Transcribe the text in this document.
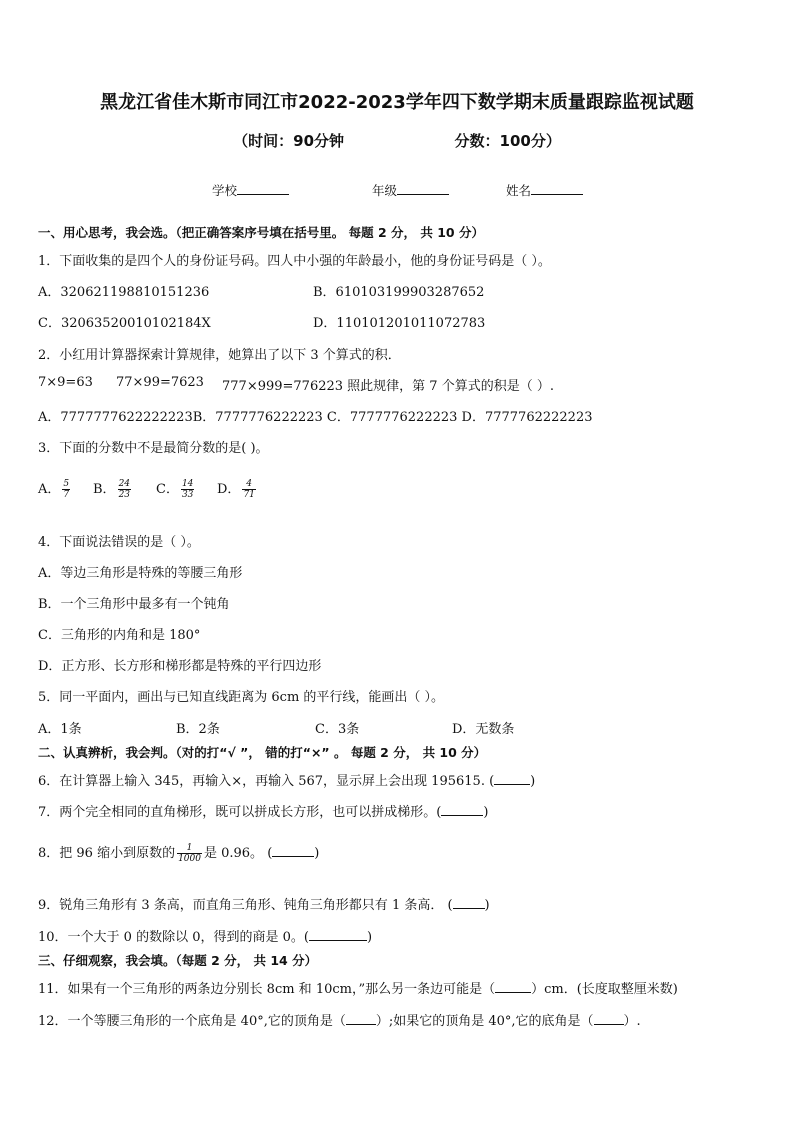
黑龙江省佳木斯市同江市2022-2023学年四下数学期末质量跟踪监视试题
（时间：90分钟	分数：100分）
学校	年级	姓名
一、用心思考，我会选。（把正确答案序号填在括号里。 每题 2 分， 共 10 分）
1．下面收集的是四个人的身份证号码。四人中小强的年龄最小，他的身份证号码是（ ）。
A．320621198810151236	B．610103199903287652
C．32063520010102184X	D．110101201011072783
2．小红用计算器探索计算规律，她算出了以下 3 个算式的积．
7×9=63 77×99=7623 777×999=776223 照此规律，第 7 个算式的积是（ ）.
A．7777777622222223B．7777776222223 C．7777776222223 D．7777762222223
3．下面的分数中不是最简分数的是( )。
A． $\frac{5}{7}$ B． $\frac{24}{23}$ C． $\frac{14}{33}$ D． $\frac{4}{71}$
4．下面说法错误的是（ ）。
A．等边三角形是特殊的等腰三角形
B．一个三角形中最多有一个钝角
C．三角形的内角和是 180°
D．正方形、长方形和梯形都是特殊的平行四边形
5．同一平面内，画出与已知直线距离为 6cm 的平行线，能画出（ ）。
A．1条	B．2条	C．3条	D．无数条
二、认真辨析，我会判。（对的打“√ ”， 错的打“×” 。 每题 2 分， 共 10 分）
6．在计算器上输入 345，再输入×，再输入 567，显示屏上会出现 195615. (	)
7．两个完全相同的直角梯形，既可以拼成长方形，也可以拼成梯形。(	)
8．把 96 缩小到原数的 $\frac{1}{1000}$ 是 0.96。 (	)
9．锐角三角形有 3 条高，而直角三角形、钝角三角形都只有 1 条高． ( )
10．一个大于 0 的数除以 0，得到的商是 0。(	)
三、仔细观察，我会填。（每题 2 分， 共 14 分）
11．如果有一个三角形的两条边分别长 8cm 和 10cm，”那么另一条边可能是（	）cm．(长度取整厘米数)
12．一个等腰三角形的一个底角是 40°,它的顶角是（ ）;如果它的顶角是 40°,它的底角是（ ）.
